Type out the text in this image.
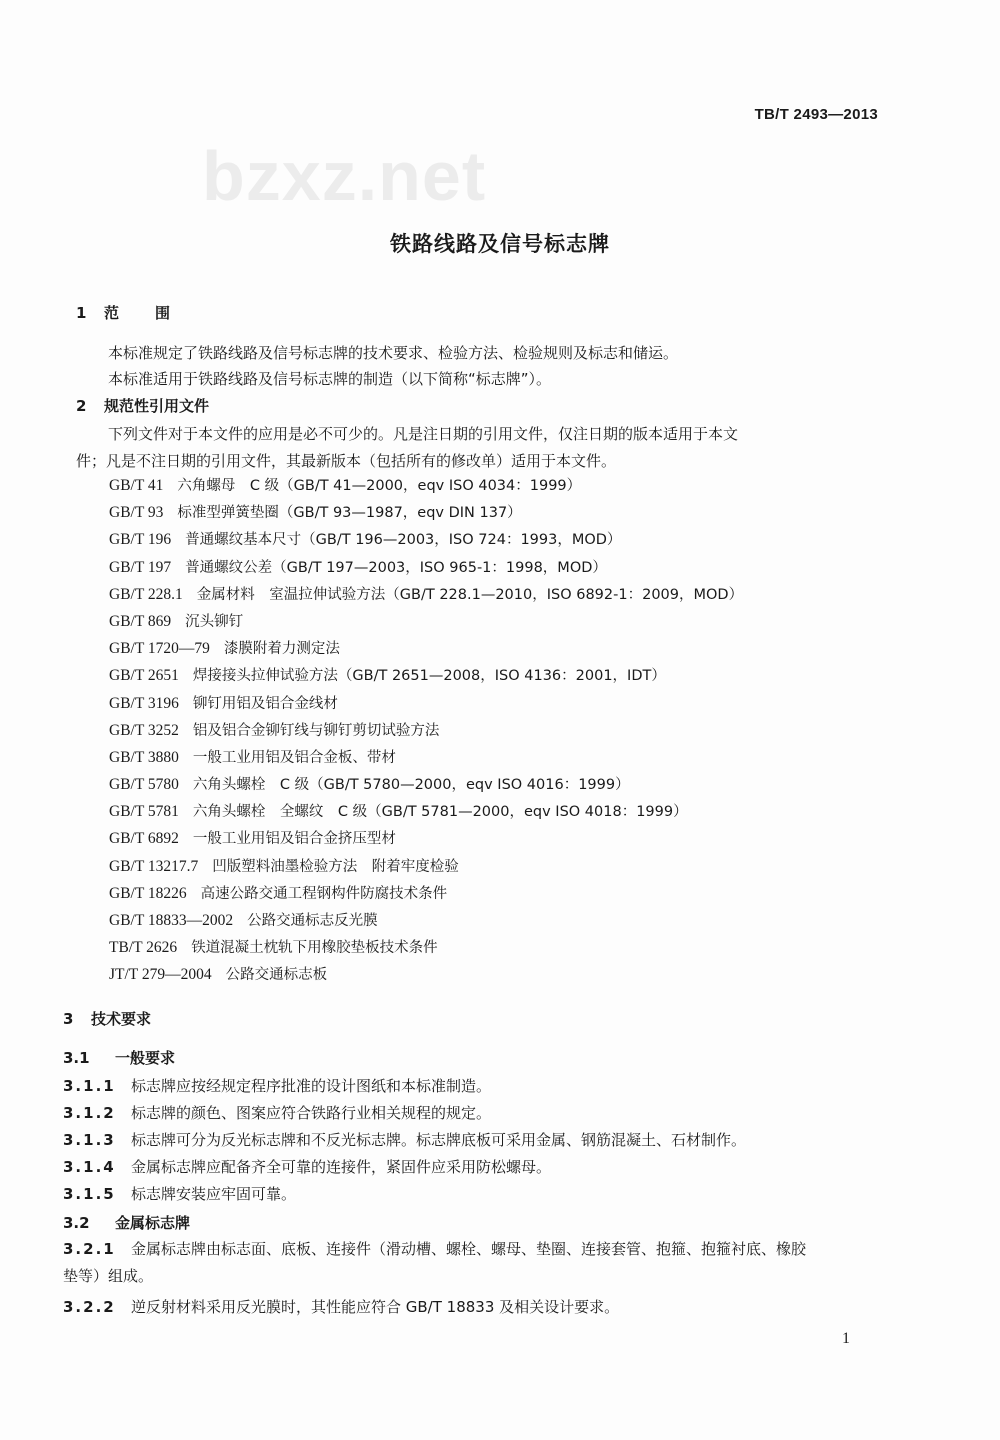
bzxz.net
TB/T 2493—2013
铁路线路及信号标志牌
1 范围
本标准规定了铁路线路及信号标志牌的技术要求、检验方法、检验规则及标志和储运。
本标准适用于铁路线路及信号标志牌的制造（以下简称“标志牌”）。
2 规范性引用文件
下列文件对于本文件的应用是必不可少的。凡是注日期的引用文件，仅注日期的版本适用于本文
件；凡是不注日期的引用文件，其最新版本（包括所有的修改单）适用于本文件。
GB/T 41 六角螺母　C 级（GB/T 41—2000，eqv ISO 4034：1999）
GB/T 93 标准型弹簧垫圈（GB/T 93—1987，eqv DIN 137）
GB/T 196 普通螺纹基本尺寸（GB/T 196—2003，ISO 724：1993，MOD）
GB/T 197 普通螺纹公差（GB/T 197—2003，ISO 965-1：1998，MOD）
GB/T 228.1 金属材料　室温拉伸试验方法（GB/T 228.1—2010，ISO 6892-1：2009，MOD）
GB/T 869 沉头铆钉
GB/T 1720—79 漆膜附着力测定法
GB/T 2651 焊接接头拉伸试验方法（GB/T 2651—2008，ISO 4136：2001，IDT）
GB/T 3196 铆钉用铝及铝合金线材
GB/T 3252 铝及铝合金铆钉线与铆钉剪切试验方法
GB/T 3880 一般工业用铝及铝合金板、带材
GB/T 5780 六角头螺栓　C 级（GB/T 5780—2000，eqv ISO 4016：1999）
GB/T 5781 六角头螺栓　全螺纹　C 级（GB/T 5781—2000，eqv ISO 4018：1999）
GB/T 6892 一般工业用铝及铝合金挤压型材
GB/T 13217.7 凹版塑料油墨检验方法　附着牢度检验
GB/T 18226 高速公路交通工程钢构件防腐技术条件
GB/T 18833—2002 公路交通标志反光膜
TB/T 2626 铁道混凝土枕轨下用橡胶垫板技术条件
JT/T 279—2004 公路交通标志板
3 技术要求
3.1 一般要求
3.1.1 标志牌应按经规定程序批准的设计图纸和本标准制造。
3.1.2 标志牌的颜色、图案应符合铁路行业相关规程的规定。
3.1.3 标志牌可分为反光标志牌和不反光标志牌。标志牌底板可采用金属、钢筋混凝土、石材制作。
3.1.4 金属标志牌应配备齐全可靠的连接件，紧固件应采用防松螺母。
3.1.5 标志牌安装应牢固可靠。
3.2 金属标志牌
3.2.1 金属标志牌由标志面、底板、连接件（滑动槽、螺栓、螺母、垫圈、连接套管、抱箍、抱箍衬底、橡胶
垫等）组成。
3.2.2 逆反射材料采用反光膜时，其性能应符合 GB/T 18833 及相关设计要求。
1
